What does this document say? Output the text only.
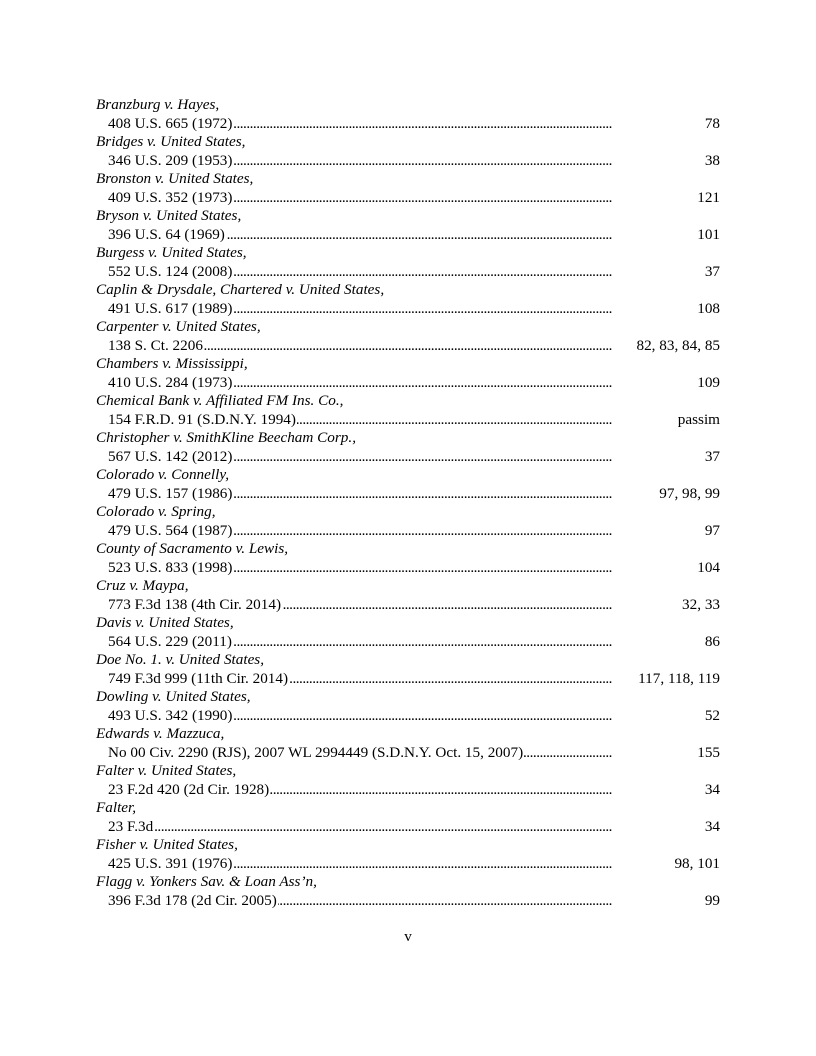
Branzburg v. Hayes,
. . .
408 U.S. 665 (1972)	78
Bridges v. United States,
. . .
346 U.S. 209 (1953)	38
Bronston v. United States,
. . .
409 U.S. 352 (1973)	121
Bryson v. United States,
. . .
396 U.S. 64 (1969)	101
Burgess v. United States,
. . .
552 U.S. 124 (2008)	37
Caplin & Drysdale, Chartered v. United States,
. . .
491 U.S. 617 (1989)	108
Carpenter v. United States,
. . .
138 S. Ct. 2206	82, 83, 84, 85
Chambers v. Mississippi,
. . .
410 U.S. 284 (1973)	109
Chemical Bank v. Affiliated FM Ins. Co.,
. . .
154 F.R.D. 91 (S.D.N.Y. 1994)	passim
Christopher v. SmithKline Beecham Corp.,
. . .
567 U.S. 142 (2012)	37
Colorado v. Connelly,
. . .
479 U.S. 157 (1986)	97, 98, 99
Colorado v. Spring,
. . .
479 U.S. 564 (1987)	97
County of Sacramento v. Lewis,
. . .
523 U.S. 833 (1998)	104
Cruz v. Maypa,
. . .
773 F.3d 138 (4th Cir. 2014)	32, 33
Davis v. United States,
. . .
564 U.S. 229 (2011)	86
Doe No. 1. v. United States,
. . .
749 F.3d 999 (11th Cir. 2014)	117, 118, 119
Dowling v. United States,
. . .
493 U.S. 342 (1990)	52
Edwards v. Mazzuca,
. . .
No 00 Civ. 2290 (RJS), 2007 WL 2994449 (S.D.N.Y. Oct. 15, 2007)	155
Falter v. United States,
. . .
23 F.2d 420 (2d Cir. 1928)	34
Falter,
. . .
23 F.3d	34
Fisher v. United States,
. . .
425 U.S. 391 (1976)	98, 101
Flagg v. Yonkers Sav. & Loan Ass’n,
. . .
396 F.3d 178 (2d Cir. 2005)	99
v
